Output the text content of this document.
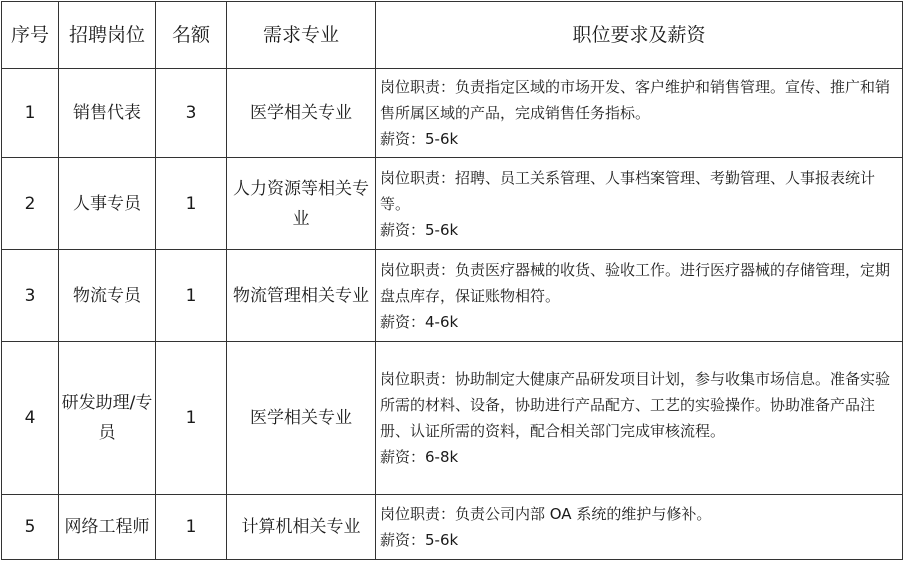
序号	招聘岗位	名额	需求专业	职位要求及薪资
1	销售代表	3	医学相关专业	岗位职责：负责指定区域的市场开发、客户维护和销售管理。宣传、推广和销售所属区域的产品，完成销售任务指标。
薪资：5-6k

2	人事专员	1	人力资源等相关专业	岗位职责：招聘、员工关系管理、人事档案管理、考勤管理、人事报表统计等。
薪资：5-6k

3	物流专员	1	物流管理相关专业	岗位职责：负责医疗器械的收货、验收工作。进行医疗器械的存储管理，定期盘点库存，保证账物相符。
薪资：4-6k

4	研发助理/专员	1	医学相关专业	岗位职责：协助制定大健康产品研发项目计划，参与收集市场信息。准备实验所需的材料、设备，协助进行产品配方、工艺的实验操作。协助准备产品注册、认证所需的资料，配合相关部门完成审核流程。
薪资：6-8k

5	网络工程师	1	计算机相关专业	岗位职责：负责公司内部 OA 系统的维护与修补。
薪资：5-6k
